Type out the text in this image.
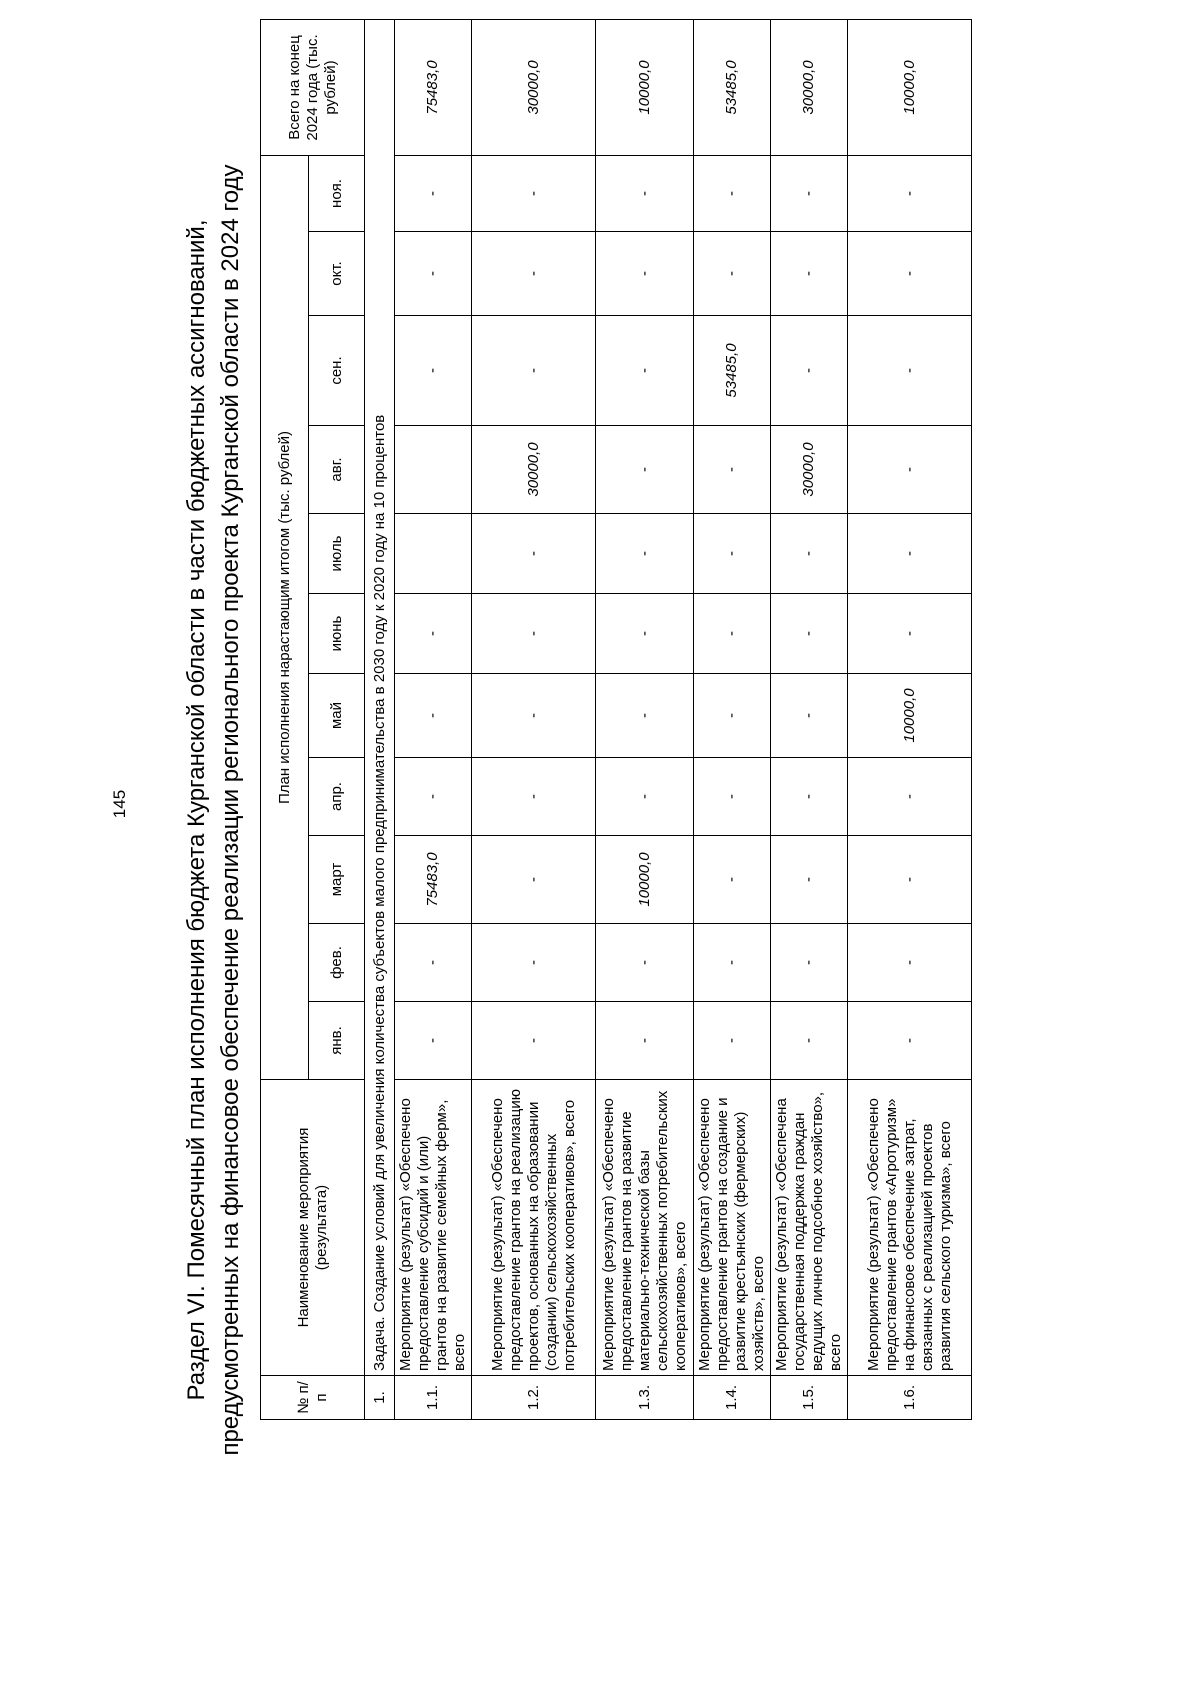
145 Раздел VI. Помесячный план исполнения бюджета Курганской области в части бюджетных ассигнований, предусмотренных на финансовое обеспечение реализации регионального проекта Курганской области в 2024 году	№ п/п	Наименование мероприятия (результата)	План исполнения нарастающим итогом (тыс. рублей)											Всего на конец 2024 года (тыс. рублей)
		янв.	фев.	март	апр.	май	июнь	июль	авг.	сен.	окт.	ноя.	
1.	Задача. Создание условий для увеличения количества субъектов малого предпринимательства в 2030 году к 2020 году на 10 процентов												
1.1.	Мероприятие (результат) «Обеспечено предоставление субсидий и (или) грантов на развитие семейных ферм», всего	-	-	75483,0	-	-	-			-	-	-	75483,0
1.2.	Мероприятие (результат) «Обеспечено предоставление грантов на реализацию проектов, основанных на образовании (создании) сельскохозяйственных потребительских кооперативов», всего	-	-	-	-	-	-	-	30000,0	-	-	-	30000,0
1.3.	Мероприятие (результат) «Обеспечено предоставление грантов на развитие материально-технической базы сельскохозяйственных потребительских кооперативов», всего	-	-	10000,0	-	-	-	-	-	-	-	-	10000,0
1.4.	Мероприятие (результат) «Обеспечено предоставление грантов на создание и развитие крестьянских (фермерских) хозяйств», всего	-	-	-	-	-	-	-	-	53485,0	-	-	53485,0
1.5.	Мероприятие (результат) «Обеспечена государственная поддержка граждан ведущих личное подсобное хозяйство», всего	-	-	-	-	-	-	-	30000,0	-	-	-	30000,0
1.6.	Мероприятие (результат) «Обеспечено предоставление грантов «Агротуризм» на финансовое обеспечение затрат, связанных с реализацией проектов развития сельского туризма», всего	-	-	-	-	10000,0	-	-	-	-	-	-	10000,0
